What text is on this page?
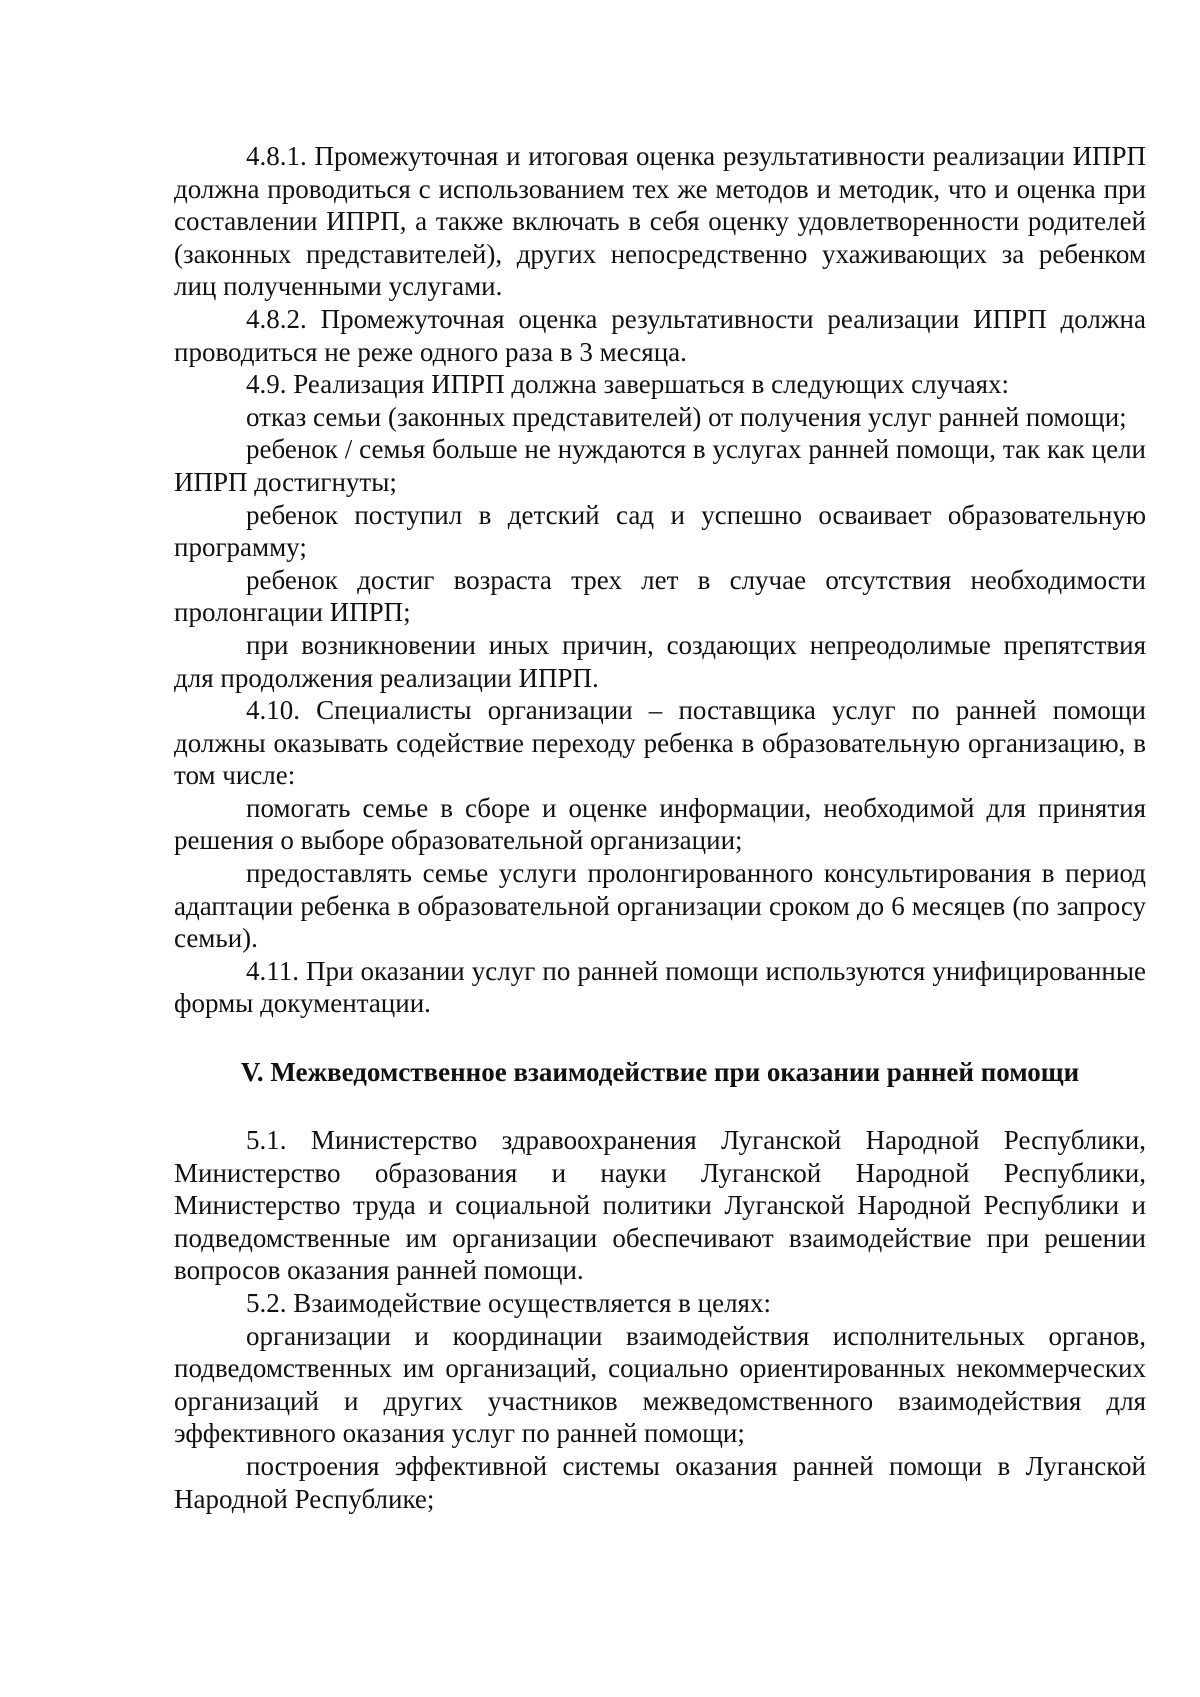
4.8.1. Промежуточная и итоговая оценка результативности реализации ИПРП должна проводиться с использованием тех же методов и методик, что и оценка при составлении ИПРП, а также включать в себя оценку удовлетворенности родителей (законных представителей), других непосредственно ухаживающих за ребенком лиц полученными услугами.

4.8.2. Промежуточная оценка результативности реализации ИПРП должна проводиться не реже одного раза в 3 месяца.

4.9. Реализация ИПРП должна завершаться в следующих случаях:

отказ семьи (законных представителей) от получения услуг ранней помощи;

ребенок / семья больше не нуждаются в услугах ранней помощи, так как цели ИПРП достигнуты;

ребенок поступил в детский сад и успешно осваивает образовательную программу;

ребенок достиг возраста трех лет в случае отсутствия необходимости пролонгации ИПРП;

при возникновении иных причин, создающих непреодолимые препятствия для продолжения реализации ИПРП.

4.10. Специалисты организации – поставщика услуг по ранней помощи должны оказывать содействие переходу ребенка в образовательную организацию, в том числе:

помогать семье в сборе и оценке информации, необходимой для принятия решения о выборе образовательной организации;

предоставлять семье услуги пролонгированного консультирования в период адаптации ребенка в образовательной организации сроком до 6 месяцев (по запросу семьи).

4.11. При оказании услуг по ранней помощи используются унифицированные формы документации.

V. Межведомственное взаимодействие при оказании ранней помощи

5.1. Министерство здравоохранения Луганской Народной Республики, Министерство образования и науки Луганской Народной Республики, Министерство труда и социальной политики Луганской Народной Республики и подведомственные им организации обеспечивают взаимодействие при решении вопросов оказания ранней помощи.

5.2. Взаимодействие осуществляется в целях:

организации и координации взаимодействия исполнительных органов, подведомственных им организаций, социально ориентированных некоммерческих организаций и других участников межведомственного взаимодействия для эффективного оказания услуг по ранней помощи;

построения эффективной системы оказания ранней помощи в Луганской Народной Республике;
